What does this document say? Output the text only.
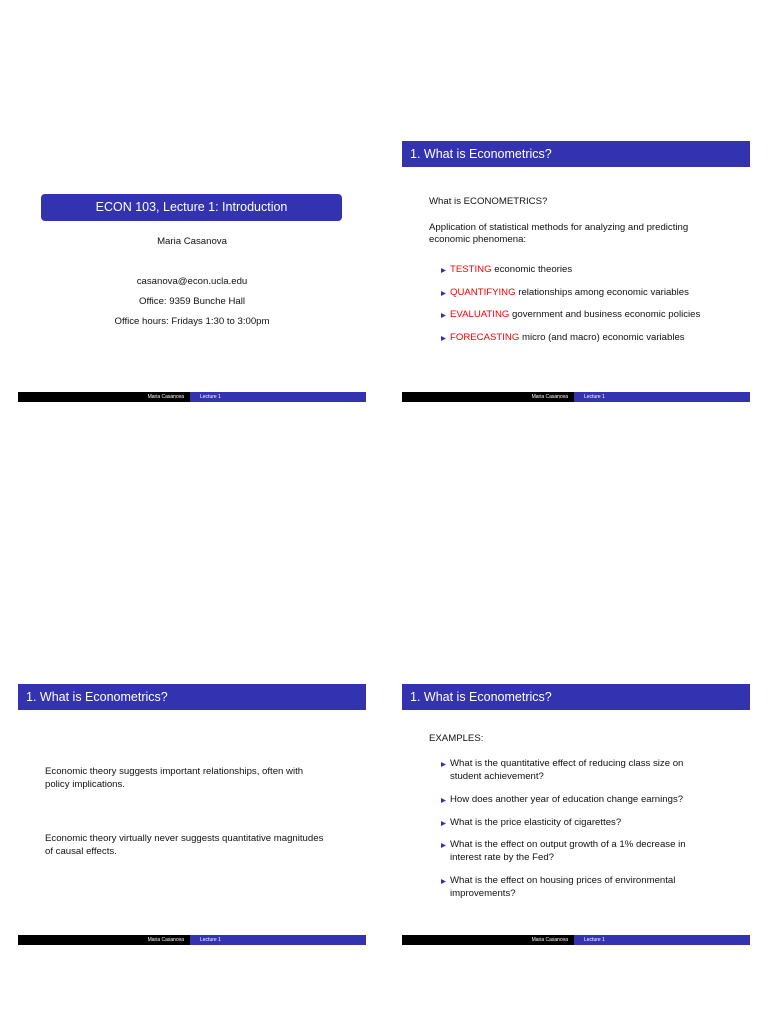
ECON 103, Lecture 1: Introduction
Maria Casanova
casanova@econ.ucla.edu
Office: 9359 Bunche Hall
Office hours: Fridays 1:30 to 3:00pm
Maria Casanova	Lecture 1
1. What is Econometrics?
What is ECONOMETRICS?
Application of statistical methods for analyzing and predicting
economic phenomena:
TESTING economic theories
QUANTIFYING relationships among economic variables
EVALUATING government and business economic policies
FORECASTING micro (and macro) economic variables
Maria Casanova	Lecture 1
1. What is Econometrics?
Economic theory suggests important relationships, often with
policy implications.
Economic theory virtually never suggests quantitative magnitudes
of causal effects.
Maria Casanova	Lecture 1
1. What is Econometrics?
EXAMPLES:
What is the quantitative effect of reducing class size on
student achievement?
How does another year of education change earnings?
What is the price elasticity of cigarettes?
What is the effect on output growth of a 1% decrease in
interest rate by the Fed?
What is the effect on housing prices of environmental
improvements?
Maria Casanova	Lecture 1
